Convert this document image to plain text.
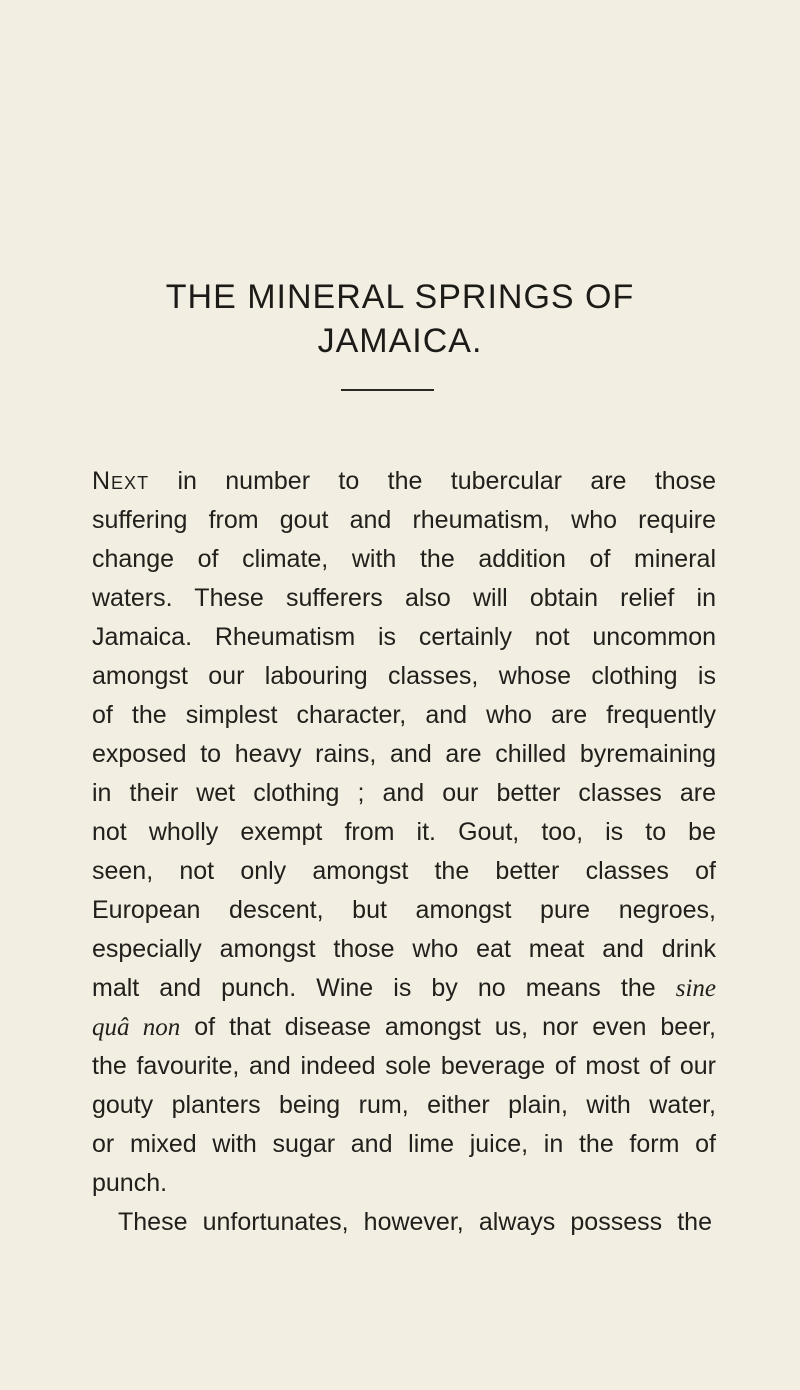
THE MINERAL SPRINGS OF
JAMAICA.

Next in number to the tubercular are those

suffering from gout and rheumatism, who require

change of climate, with the addition of mineral

waters. These sufferers also will obtain relief in

Jamaica. Rheumatism is certainly not uncommon

amongst our labouring classes, whose clothing is

of the simplest character, and who are frequently

exposed to heavy rains, and are chilled byremaining

in their wet clothing ; and our better classes are

not wholly exempt from it. Gout, too, is to be

seen, not only amongst the better classes of

European descent, but amongst pure negroes,

especially amongst those who eat meat and drink

malt and punch. Wine is by no means the sine

quâ non of that disease amongst us, nor even beer,

the favourite, and indeed sole beverage of most of our

gouty planters being rum, either plain, with water,

or mixed with sugar and lime juice, in the form of

punch.

These unfortunates, however, always possess the
